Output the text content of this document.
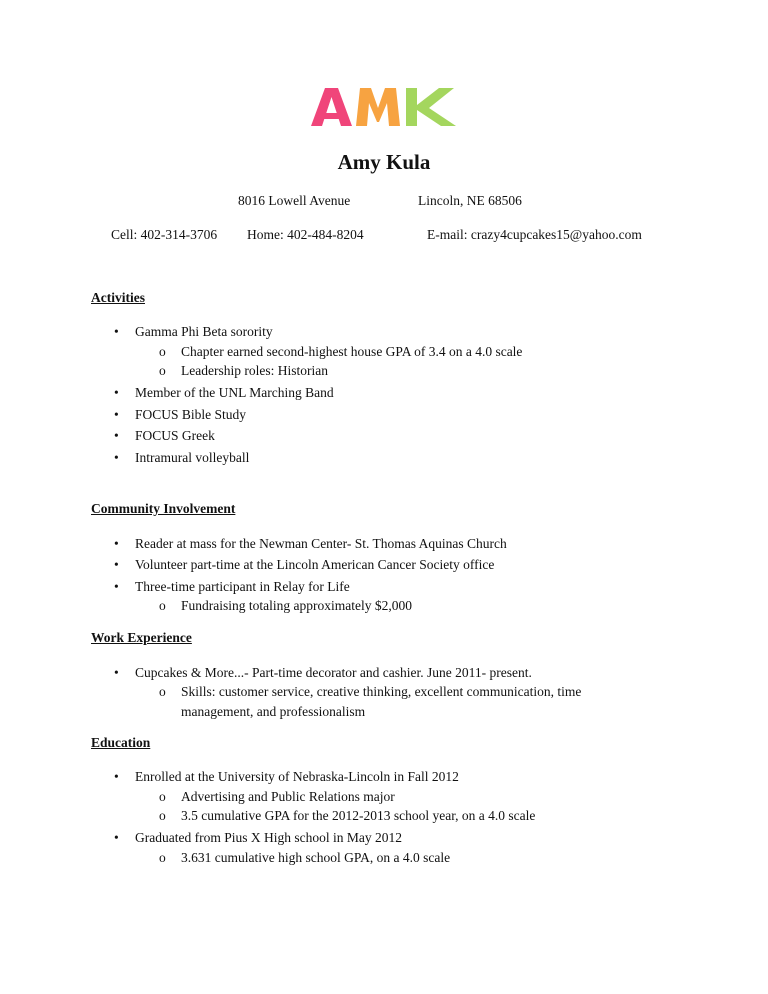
Amy Kula
8016 Lowell Avenue	Lincoln, NE 68506
Cell: 402-314-3706 Home: 402-484-8204	E-mail: crazy4cupcakes15@yahoo.com
Activities
• Gamma Phi Beta sorority
o Chapter earned second-highest house GPA of 3.4 on a 4.0 scale
o Leadership roles: Historian
• Member of the UNL Marching Band
• FOCUS Bible Study
• FOCUS Greek
• Intramural volleyball
Community Involvement
• Reader at mass for the Newman Center- St. Thomas Aquinas Church
• Volunteer part-time at the Lincoln American Cancer Society office
• Three-time participant in Relay for Life
o Fundraising totaling approximately $2,000
Work Experience
• Cupcakes & More...- Part-time decorator and cashier. June 2011- present.
o Skills: customer service, creative thinking, excellent communication, time
management, and professionalism
Education
• Enrolled at the University of Nebraska-Lincoln in Fall 2012
o Advertising and Public Relations major
o 3.5 cumulative GPA for the 2012-2013 school year, on a 4.0 scale
• Graduated from Pius X High school in May 2012
o 3.631 cumulative high school GPA, on a 4.0 scale
